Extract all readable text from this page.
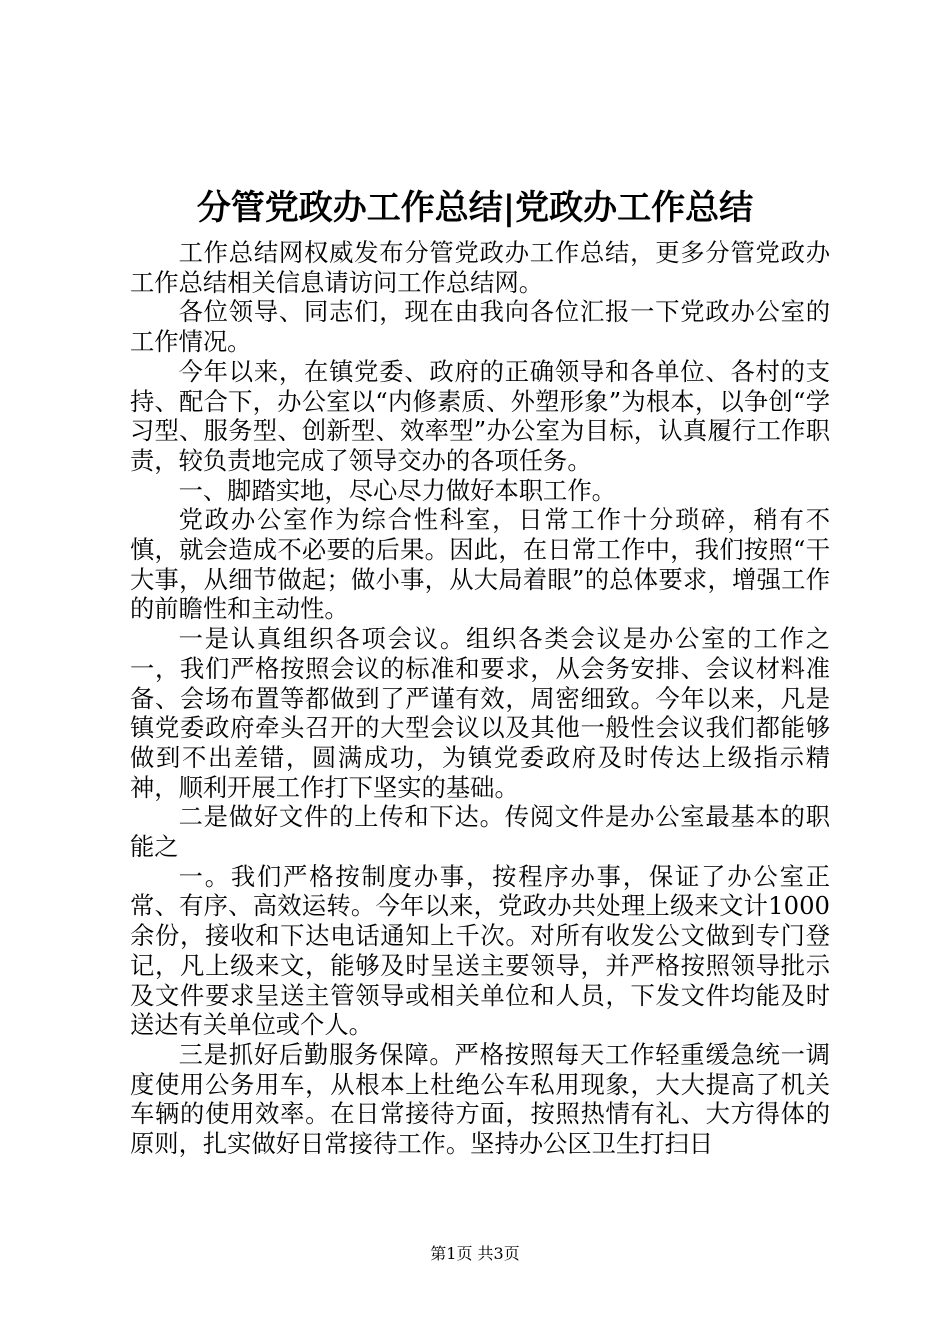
分管党政办工作总结|党政办工作总结

工作总结网权威发布分管党政办工作总结，更多分管党政办工作总结相关信息请访问工作总结网。

各位领导、同志们，现在由我向各位汇报一下党政办公室的工作情况。

今年以来，在镇党委、政府的正确领导和各单位、各村的支持、配合下，办公室以“内修素质、外塑形象”为根本，以争创“学习型、服务型、创新型、效率型”办公室为目标，认真履行工作职责，较负责地完成了领导交办的各项任务。

一、脚踏实地，尽心尽力做好本职工作。

党政办公室作为综合性科室，日常工作十分琐碎，稍有不慎，就会造成不必要的后果。因此，在日常工作中，我们按照“干大事，从细节做起；做小事，从大局着眼”的总体要求，增强工作的前瞻性和主动性。

一是认真组织各项会议。组织各类会议是办公室的工作之一，我们严格按照会议的标准和要求，从会务安排、会议材料准备、会场布置等都做到了严谨有效，周密细致。今年以来，凡是镇党委政府牵头召开的大型会议以及其他一般性会议我们都能够做到不出差错，圆满成功，为镇党委政府及时传达上级指示精神，顺利开展工作打下坚实的基础。

二是做好文件的上传和下达。传阅文件是办公室最基本的职能之

一。我们严格按制度办事，按程序办事，保证了办公室正常、有序、高效运转。今年以来，党政办共处理上级来文计1000余份，接收和下达电话通知上千次。对所有收发公文做到专门登记，凡上级来文，能够及时呈送主要领导，并严格按照领导批示及文件要求呈送主管领导或相关单位和人员，下发文件均能及时送达有关单位或个人。

三是抓好后勤服务保障。严格按照每天工作轻重缓急统一调度使用公务用车，从根本上杜绝公车私用现象，大大提高了机关车辆的使用效率。在日常接待方面，按照热情有礼、大方得体的原则，扎实做好日常接待工作。坚持办公区卫生打扫日

第1页 共3页
